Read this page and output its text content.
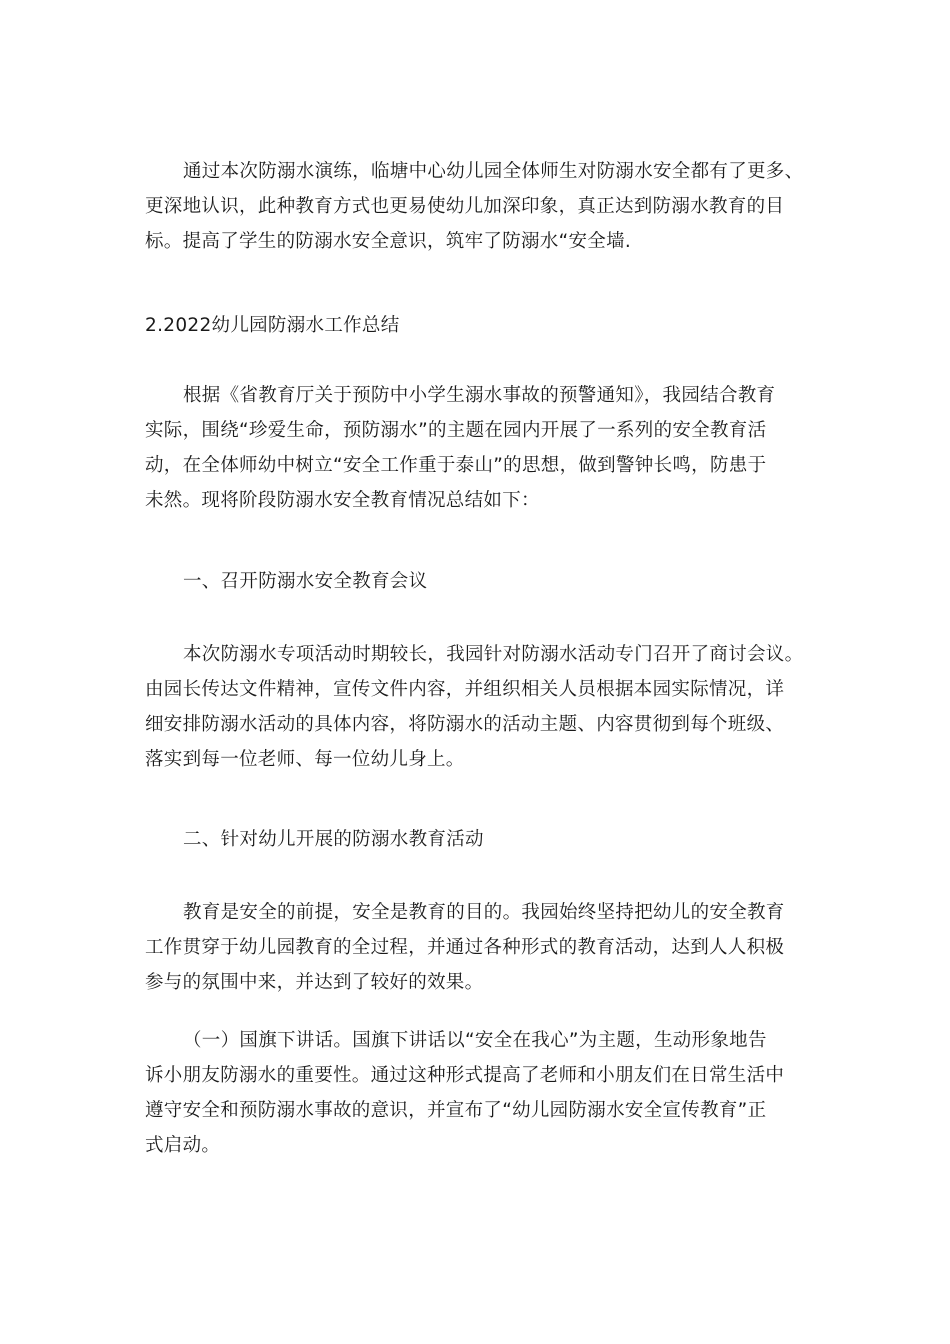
通过本次防溺水演练，临塘中心幼儿园全体师生对防溺水安全都有了更多、
更深地认识，此种教育方式也更易使幼儿加深印象，真正达到防溺水教育的目
标。提高了学生的防溺水安全意识，筑牢了防溺水“安全墙.
2.2022幼儿园防溺水工作总结
根据《省教育厅关于预防中小学生溺水事故的预警通知》，我园结合教育
实际，围绕“珍爱生命，预防溺水”的主题在园内开展了一系列的安全教育活
动，在全体师幼中树立“安全工作重于泰山”的思想，做到警钟长鸣，防患于
未然。现将阶段防溺水安全教育情况总结如下：
一、召开防溺水安全教育会议
本次防溺水专项活动时期较长，我园针对防溺水活动专门召开了商讨会议。
由园长传达文件精神，宣传文件内容，并组织相关人员根据本园实际情况，详
细安排防溺水活动的具体内容，将防溺水的活动主题、内容贯彻到每个班级、
落实到每一位老师、每一位幼儿身上。
二、针对幼儿开展的防溺水教育活动
教育是安全的前提，安全是教育的目的。我园始终坚持把幼儿的安全教育
工作贯穿于幼儿园教育的全过程，并通过各种形式的教育活动，达到人人积极
参与的氛围中来，并达到了较好的效果。
（一）国旗下讲话。国旗下讲话以“安全在我心”为主题，生动形象地告
诉小朋友防溺水的重要性。通过这种形式提高了老师和小朋友们在日常生活中
遵守安全和预防溺水事故的意识，并宣布了“幼儿园防溺水安全宣传教育”正
式启动。
